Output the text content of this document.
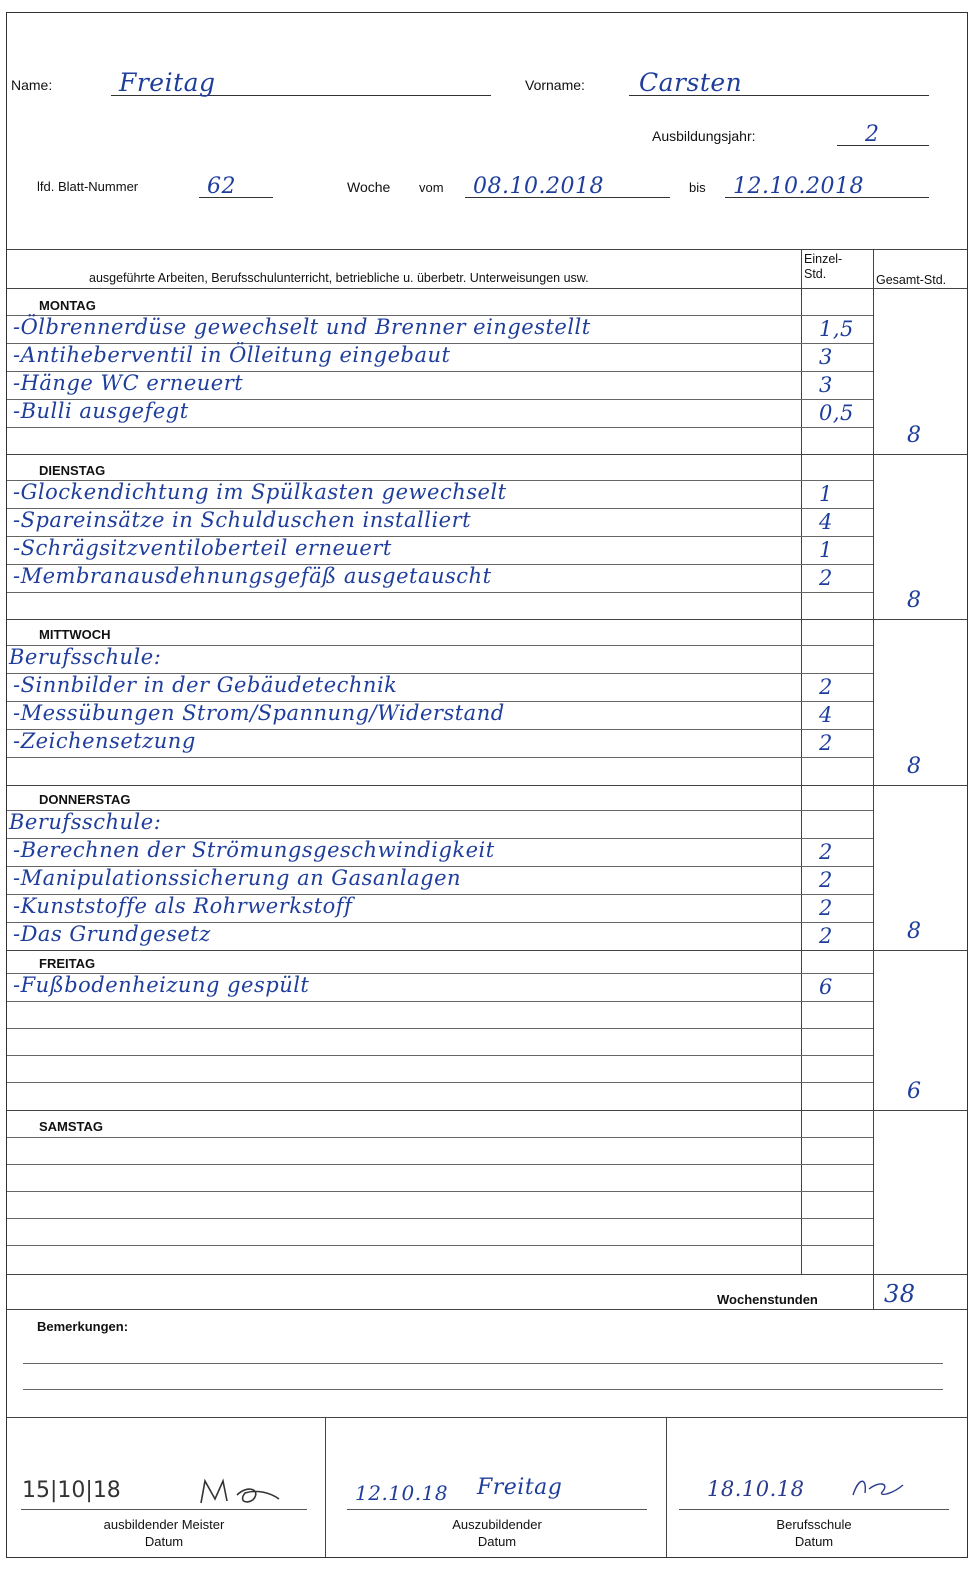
Name:	Freitag	Vorname: Carsten
Ausbildungsjahr:	2
lfd. Blatt-Nummer	62	Woche vom 08.10.2018	bis 12.10.2018
ausgeführte Arbeiten, Berufsschulunterricht, betriebliche u. überbetr. Unterweisungen usw.
Einzel-
Std.	Gesamt-Std.
MONTAG
-Ölbrennerdüse gewechselt und Brenner eingestellt	1,5
-Antiheberventil in Ölleitung eingebaut	3
-Hänge WC erneuert	3
-Bulli ausgefegt	0,5
8
DIENSTAG
-Glockendichtung im Spülkasten gewechselt	1
-Spareinsätze in Schulduschen installiert	4
-Schrägsitzventiloberteil erneuert	1
-Membranausdehnungsgefäß ausgetauscht	2
8
MITTWOCH
Berufsschule:
-Sinnbilder in der Gebäudetechnik	2
-Messübungen Strom/Spannung/Widerstand	4
-Zeichensetzung	2
8
DONNERSTAG
Berufsschule:
-Berechnen der Strömungsgeschwindigkeit	2
-Manipulationssicherung an Gasanlagen	2
-Kunststoffe als Rohrwerkstoff	2
-Das Grundgesetz	2	8
FREITAG
-Fußbodenheizung gespült	6
6
SAMSTAG
Wochenstunden	38
Bemerkungen:
15|10|18
ausbildender Meister
Datum
12.10.18 Freitag
Auszubildender
Datum
18.10.18
Berufsschule
Datum
